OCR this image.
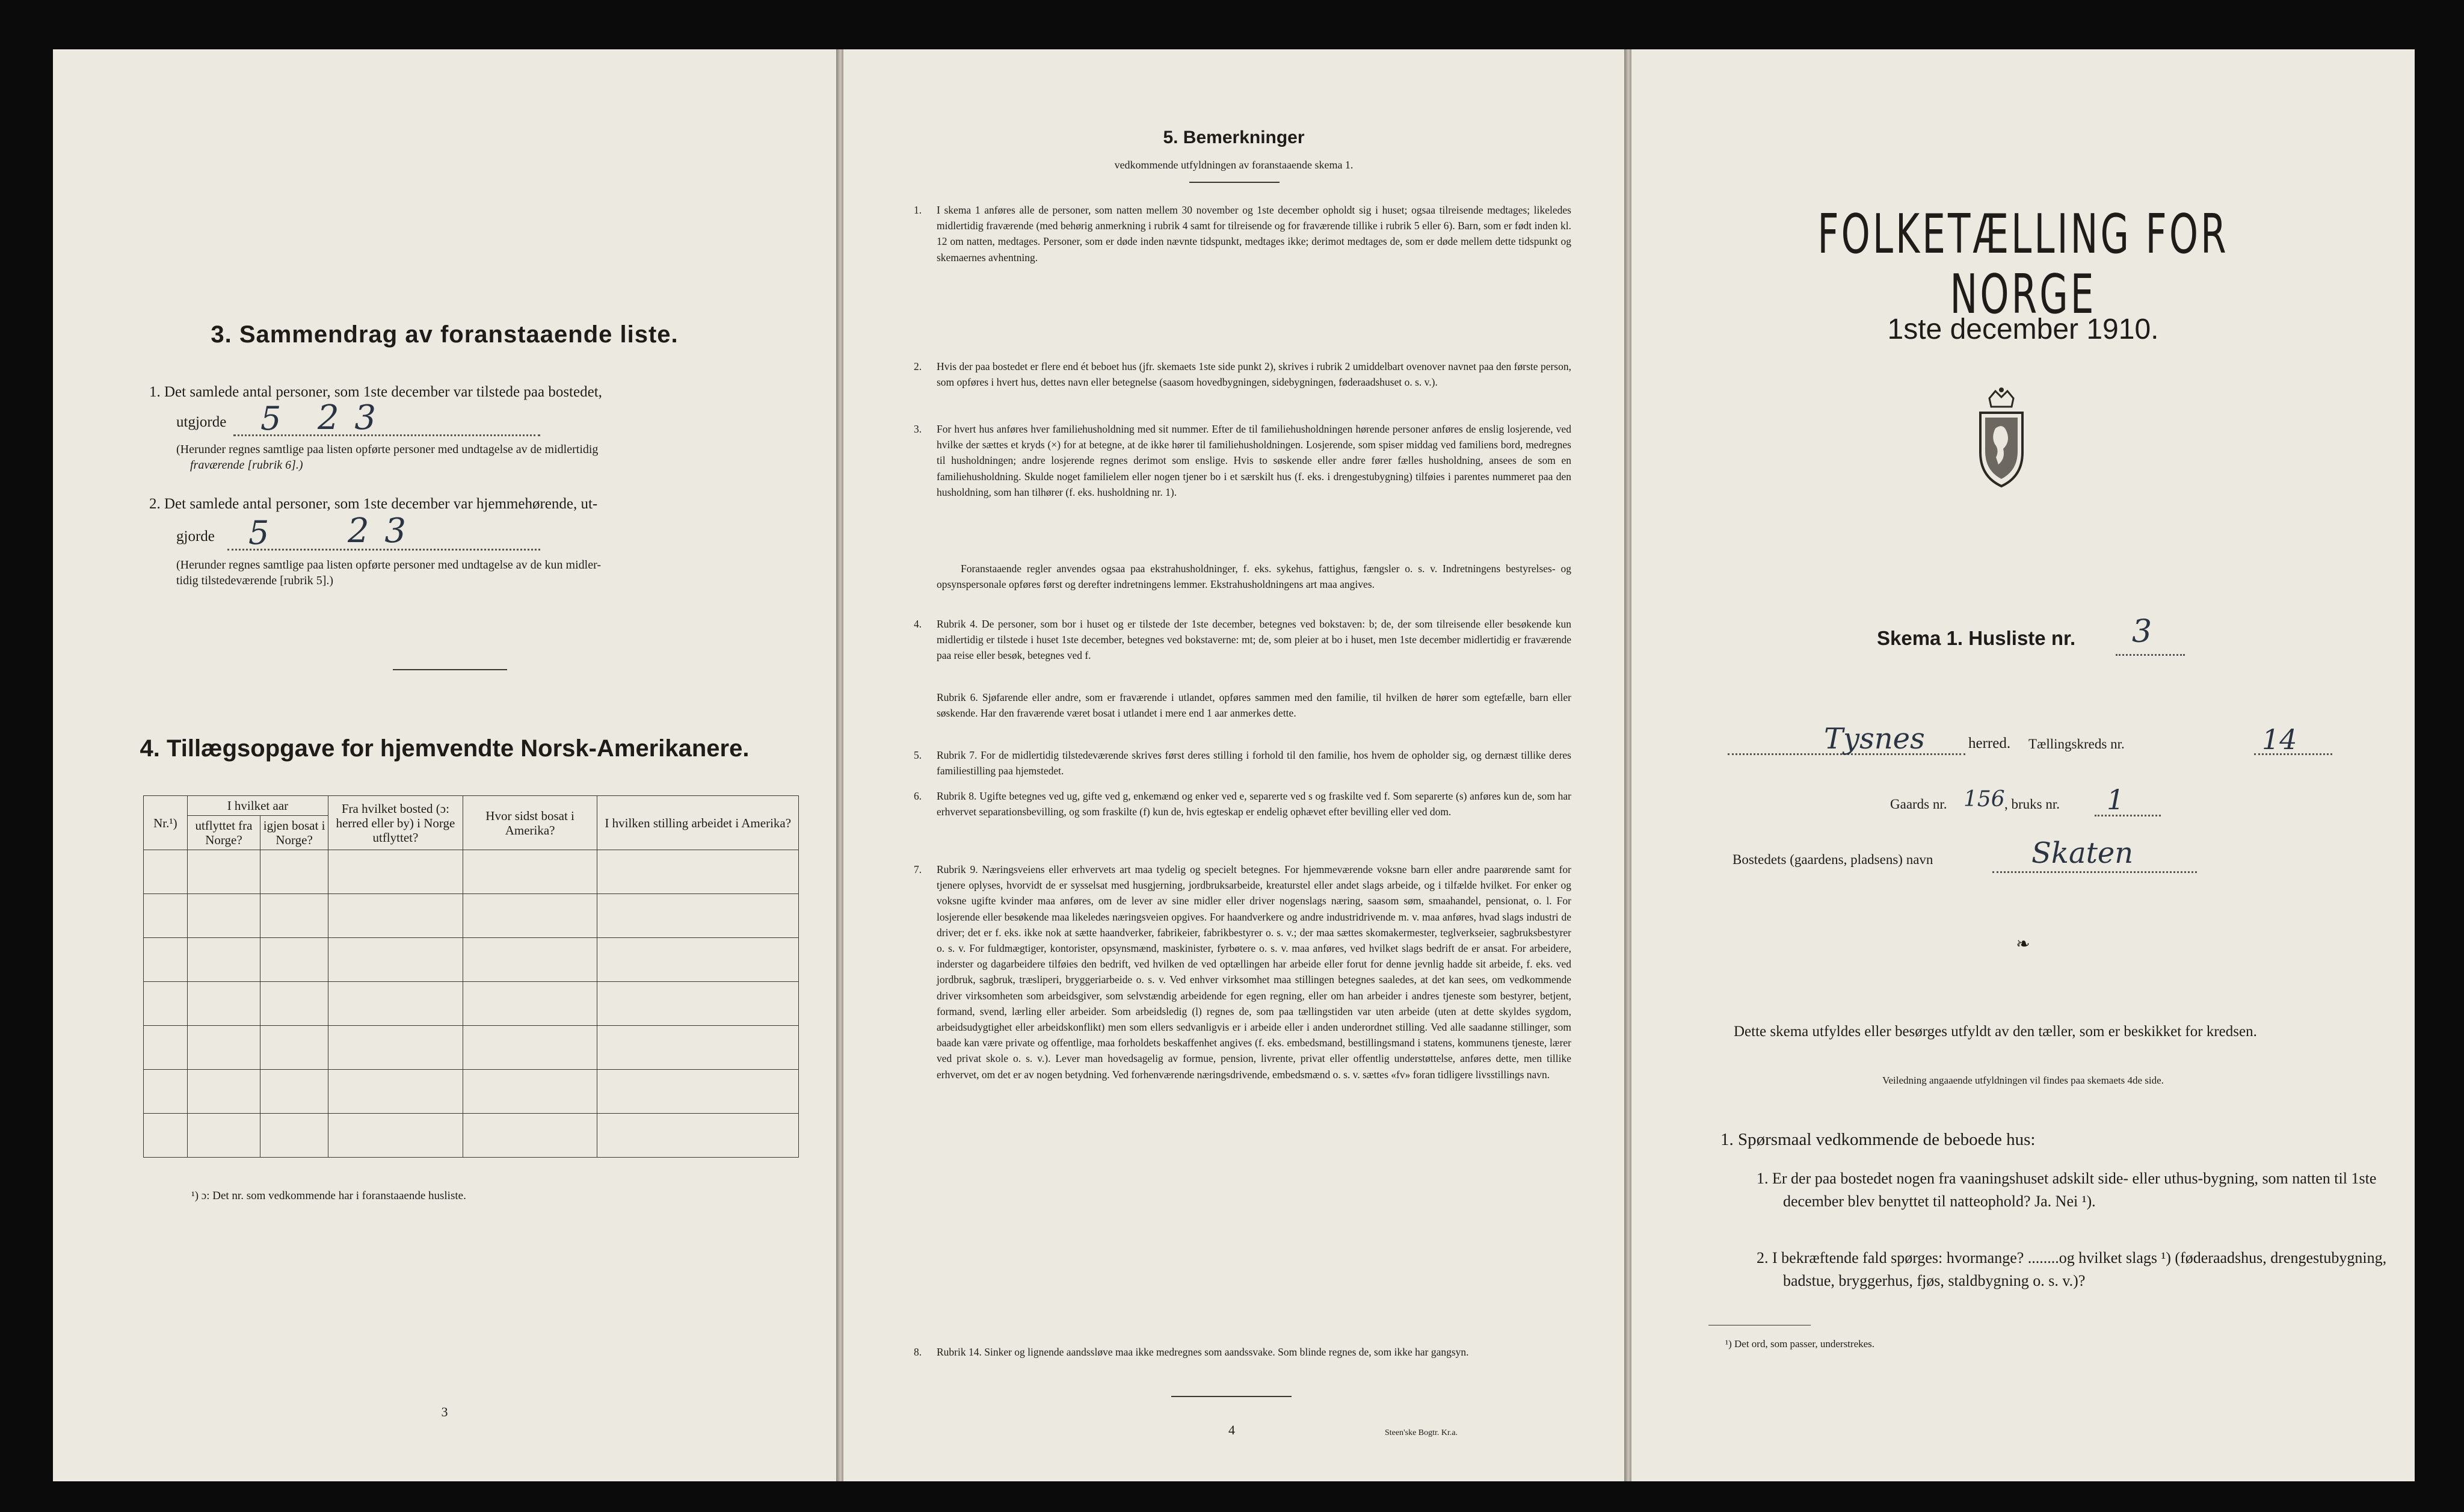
3. Sammendrag av foranstaaende liste.
1. Det samlede antal personer, som 1ste december var tilstede paa bostedet,
utgjorde 5 2 3
(Herunder regnes samtlige paa listen opførte personer med undtagelse av de midlertidig
fraværende [rubrik 6].)
2. Det samlede antal personer, som 1ste december var hjemmehørende, ut-
gjorde 5 2 3
(Herunder regnes samtlige paa listen opførte personer med undtagelse av de kun midler-
tidig tilstedeværende [rubrik 5].)
4. Tillægsopgave for hjemvendte Norsk-Amerikanere.
Nr.¹)	I hvilket aar		Fra hvilket bosted (ɔ: herred eller by) i Norge utflyttet?	Hvor sidst bosat i Amerika?	I hvilken stilling arbeidet i Amerika?
	utflyttet fra Norge?	igjen bosat i Norge?			

¹) ɔ: Det nr. som vedkommende har i foranstaaende husliste.
3
5. Bemerkninger
vedkommende utfyldningen av foranstaaende skema 1.
1. I skema 1 anføres alle de personer, som natten mellem 30 november og 1ste december opholdt sig i huset; ogsaa tilreisende medtages; likeledes midlertidig fraværende (med behørig anmerkning i rubrik 4 samt for tilreisende og for fraværende tillike i rubrik 5 eller 6). Barn, som er født inden kl. 12 om natten, medtages. Personer, som er døde inden nævnte tidspunkt, medtages ikke; derimot medtages de, som er døde mellem dette tidspunkt og skemaernes avhentning.
2. Hvis der paa bostedet er flere end ét beboet hus (jfr. skemaets 1ste side punkt 2), skrives i rubrik 2 umiddelbart ovenover navnet paa den første person, som opføres i hvert hus, dettes navn eller betegnelse (saasom hovedbygningen, sidebygningen, føderaadshuset o. s. v.).
3. For hvert hus anføres hver familiehusholdning med sit nummer. Efter de til familiehusholdningen hørende personer anføres de enslig losjerende, ved hvilke der sættes et kryds (×) for at betegne, at de ikke hører til familiehusholdningen. Losjerende, som spiser middag ved familiens bord, medregnes til husholdningen; andre losjerende regnes derimot som enslige. Hvis to søskende eller andre fører fælles husholdning, ansees de som en familiehusholdning. Skulde noget familielem eller nogen tjener bo i et særskilt hus (f. eks. i drengestubygning) tilføies i parentes nummeret paa den husholdning, som han tilhører (f. eks. husholdning nr. 1).
Foranstaaende regler anvendes ogsaa paa ekstrahusholdninger, f. eks. sykehus, fattighus, fængsler o. s. v. Indretningens bestyrelses- og opsynspersonale opføres først og derefter indretningens lemmer. Ekstrahusholdningens art maa angives.
4. Rubrik 4. De personer, som bor i huset og er tilstede der 1ste december, betegnes ved bokstaven: b; de, der som tilreisende eller besøkende kun midlertidig er tilstede i huset 1ste december, betegnes ved bokstaverne: mt; de, som pleier at bo i huset, men 1ste december midlertidig er fraværende paa reise eller besøk, betegnes ved f.
Rubrik 6. Sjøfarende eller andre, som er fraværende i utlandet, opføres sammen med den familie, til hvilken de hører som egtefælle, barn eller søskende. Har den fraværende været bosat i utlandet i mere end 1 aar anmerkes dette.
5. Rubrik 7. For de midlertidig tilstedeværende skrives først deres stilling i forhold til den familie, hos hvem de opholder sig, og dernæst tillike deres familiestilling paa hjemstedet.
6. Rubrik 8. Ugifte betegnes ved ug, gifte ved g, enkemænd og enker ved e, separerte ved s og fraskilte ved f. Som separerte (s) anføres kun de, som har erhvervet separationsbevilling, og som fraskilte (f) kun de, hvis egteskap er endelig ophævet efter bevilling eller ved dom.
7. Rubrik 9. Næringsveiens eller erhvervets art maa tydelig og specielt betegnes. For hjemmeværende voksne barn eller andre paarørende samt for tjenere oplyses, hvorvidt de er sysselsat med husgjerning, jordbruksarbeide, kreaturstel eller andet slags arbeide, og i tilfælde hvilket. For enker og voksne ugifte kvinder maa anføres, om de lever av sine midler eller driver nogenslags næring, saasom søm, smaahandel, pensionat, o. l. For losjerende eller besøkende maa likeledes næringsveien opgives. For haandverkere og andre industridrivende m. v. maa anføres, hvad slags industri de driver; det er f. eks. ikke nok at sætte haandverker, fabrikeier, fabrikbestyrer o. s. v.; der maa sættes skomakermester, teglverkseier, sagbruksbestyrer o. s. v. For fuldmægtiger, kontorister, opsynsmænd, maskinister, fyrbøtere o. s. v. maa anføres, ved hvilket slags bedrift de er ansat. For arbeidere, inderster og dagarbeidere tilføies den bedrift, ved hvilken de ved optællingen har arbeide eller forut for denne jevnlig hadde sit arbeide, f. eks. ved jordbruk, sagbruk, træsliperi, bryggeriarbeide o. s. v. Ved enhver virksomhet maa stillingen betegnes saaledes, at det kan sees, om vedkommende driver virksomheten som arbeidsgiver, som selvstændig arbeidende for egen regning, eller om han arbeider i andres tjeneste som bestyrer, betjent, formand, svend, lærling eller arbeider. Som arbeidsledig (l) regnes de, som paa tællingstiden var uten arbeide (uten at dette skyldes sygdom, arbeidsudygtighet eller arbeidskonflikt) men som ellers sedvanligvis er i arbeide eller i anden underordnet stilling. Ved alle saadanne stillinger, som baade kan være private og offentlige, maa forholdets beskaffenhet angives (f. eks. embedsmand, bestillingsmand i statens, kommunens tjeneste, lærer ved privat skole o. s. v.). Lever man hovedsagelig av formue, pension, livrente, privat eller offentlig understøttelse, anføres dette, men tillike erhvervet, om det er av nogen betydning. Ved forhenværende næringsdrivende, embedsmænd o. s. v. sættes «fv» foran tidligere livsstillings navn.
8. Rubrik 14. Sinker og lignende aandssløve maa ikke medregnes som aandssvake. Som blinde regnes de, som ikke har gangsyn.
4	Steen'ske Bogtr. Kr.a.
FOLKETÆLLING FOR NORGE
1ste december 1910.
Skema 1. Husliste nr. 3
Tysnes	herred. Tællingskreds nr.	14
Gaards nr. 156 , bruks nr. 1
Bostedets (gaardens, pladsens) navn	Skaten
❧
Dette skema utfyldes eller besørges utfyldt av den tæller, som er beskikket for kredsen.
Veiledning angaaende utfyldningen vil findes paa skemaets 4de side.
1. Spørsmaal vedkommende de beboede hus:
1. Er der paa bostedet nogen fra vaaningshuset adskilt side- eller uthus-bygning, som natten til 1ste december blev benyttet til natteophold? Ja. Nei ¹).
2. I bekræftende fald spørges: hvormange? ........og hvilket slags ¹) (føderaadshus, drengestubygning, badstue, bryggerhus, fjøs, staldbygning o. s. v.)?
¹) Det ord, som passer, understrekes.
